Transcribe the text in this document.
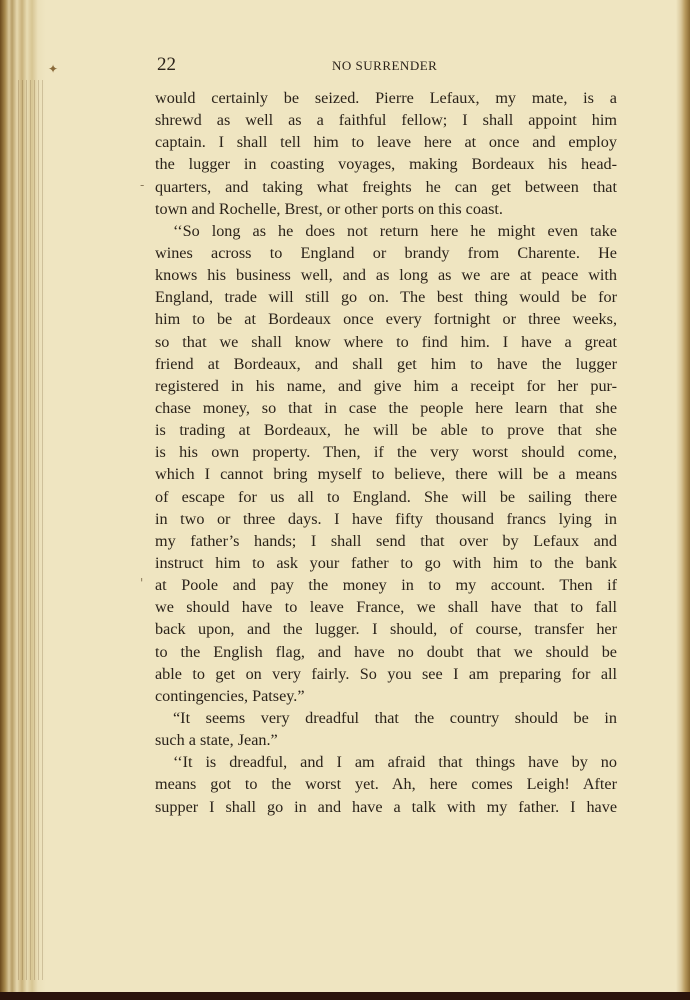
✦
-
'
22	NO SURRENDER
would certainly be seized. Pierre Lefaux, my mate, is a
shrewd as well as a faithful fellow; I shall appoint him
captain. I shall tell him to leave here at once and employ
the lugger in coasting voyages, making Bordeaux his head-
quarters, and taking what freights he can get between that
town and Rochelle, Brest, or other ports on this coast.
‘‘So long as he does not return here he might even take
wines across to England or brandy from Charente. He
knows his business well, and as long as we are at peace with
England, trade will still go on. The best thing would be for
him to be at Bordeaux once every fortnight or three weeks,
so that we shall know where to find him. I have a great
friend at Bordeaux, and shall get him to have the lugger
registered in his name, and give him a receipt for her pur-
chase money, so that in case the people here learn that she
is trading at Bordeaux, he will be able to prove that she
is his own property. Then, if the very worst should come,
which I cannot bring myself to believe, there will be a means
of escape for us all to England. She will be sailing there
in two or three days. I have fifty thousand francs lying in
my father’s hands; I shall send that over by Lefaux and
instruct him to ask your father to go with him to the bank
at Poole and pay the money in to my account. Then if
we should have to leave France, we shall have that to fall
back upon, and the lugger. I should, of course, transfer her
to the English flag, and have no doubt that we should be
able to get on very fairly. So you see I am preparing for all
contingencies, Patsey.”
“It seems very dreadful that the country should be in
such a state, Jean.”
‘‘It is dreadful, and I am afraid that things have by no
means got to the worst yet. Ah, here comes Leigh! After
supper I shall go in and have a talk with my father. I have
